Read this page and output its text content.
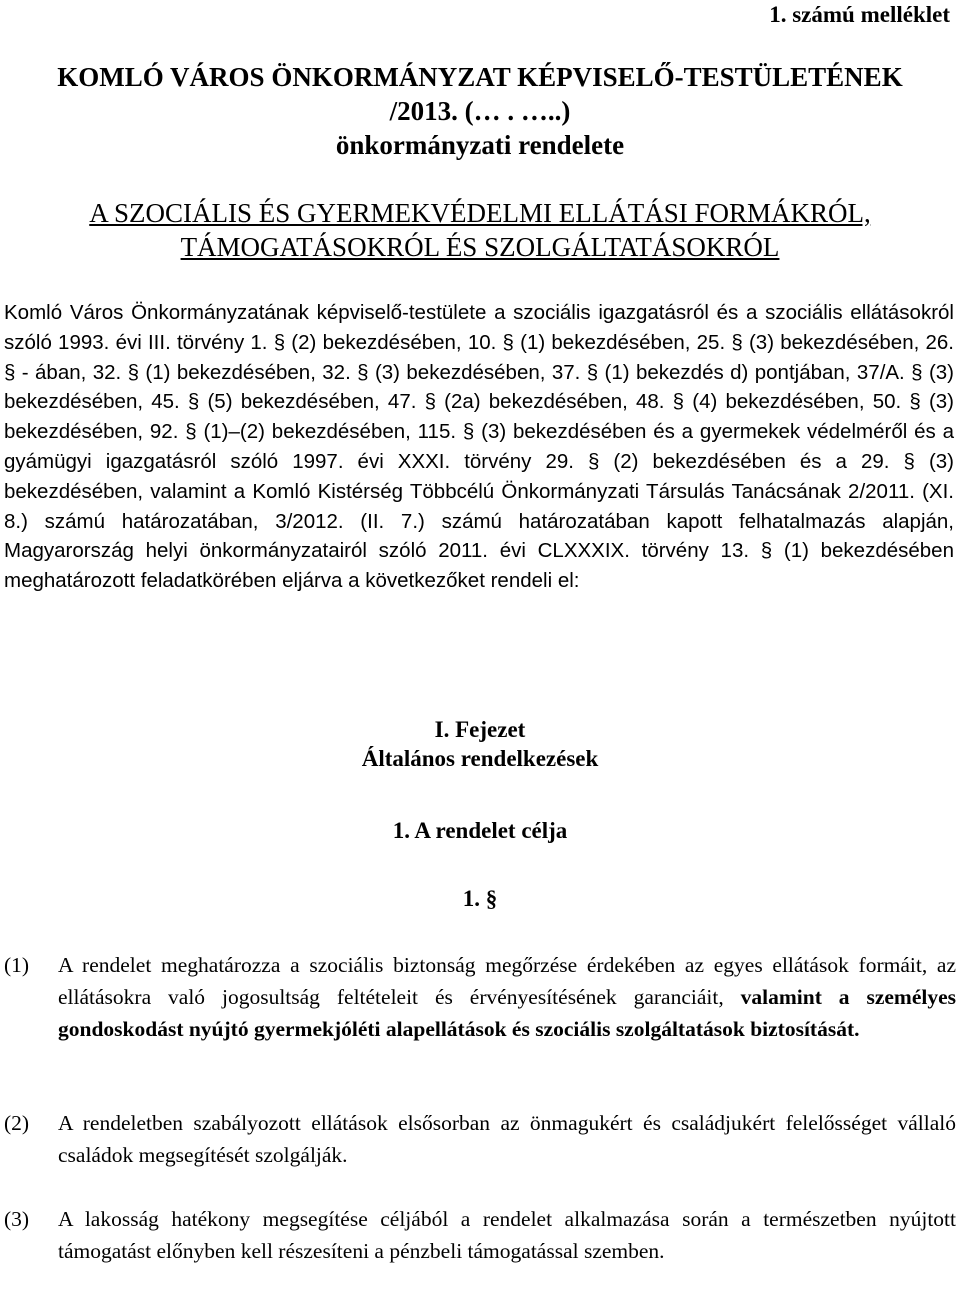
1. számú melléklet
KOMLÓ VÁROS ÖNKORMÁNYZAT KÉPVISELŐ-TESTÜLETÉNEK
/2013. (… . …..)
önkormányzati rendelete
A SZOCIÁLIS ÉS GYERMEKVÉDELMI ELLÁTÁSI FORMÁKRÓL,
TÁMOGATÁSOKRÓL ÉS SZOLGÁLTATÁSOKRÓL

Komló Város Önkormányzatának képviselő-testülete a szociális igazgatásról és a szociális ellátásokról szóló 1993. évi III. törvény 1. § (2) bekezdésében, 10. § (1) bekezdésében, 25. § (3) bekezdésében, 26. § - ában, 32. § (1) bekezdésében, 32. § (3) bekezdésében, 37. § (1) bekezdés d) pontjában, 37/A. § (3) bekezdésében, 45. § (5) bekezdésében, 47. § (2a) bekezdésében, 48. § (4) bekezdésében, 50. § (3) bekezdésében, 92. § (1)–(2) bekezdésében, 115. § (3) bekezdésében és a gyermekek védelméről és a gyámügyi igazgatásról szóló 1997. évi XXXI. törvény 29. § (2) bekezdésében és a 29. § (3) bekezdésében, valamint a Komló Kistérség Többcélú Önkormányzati Társulás Tanácsának 2/2011. (XI. 8.) számú határozatában, 3/2012. (II. 7.) számú határozatában kapott felhatalmazás alapján, Magyarország helyi önkormányzatairól szóló 2011. évi CLXXXIX. törvény 13. § (1) bekezdésében meghatározott feladatkörében eljárva a következőket rendeli el:

I. Fejezet
Általános rendelkezések
1. A rendelet célja
1. §
(1) A rendelet meghatározza a szociális biztonság megőrzése érdekében az egyes ellátások formáit, az ellátásokra való jogosultság feltételeit és érvényesítésének garanciáit, valamint a személyes gondoskodást nyújtó gyermekjóléti alapellátások és szociális szolgáltatások biztosítását.
(2) A rendeletben szabályozott ellátások elsősorban az önmagukért és családjukért felelősséget vállaló családok megsegítését szolgálják.
(3) A lakosság hatékony megsegítése céljából a rendelet alkalmazása során a természetben nyújtott támogatást előnyben kell részesíteni a pénzbeli támogatással szemben.
